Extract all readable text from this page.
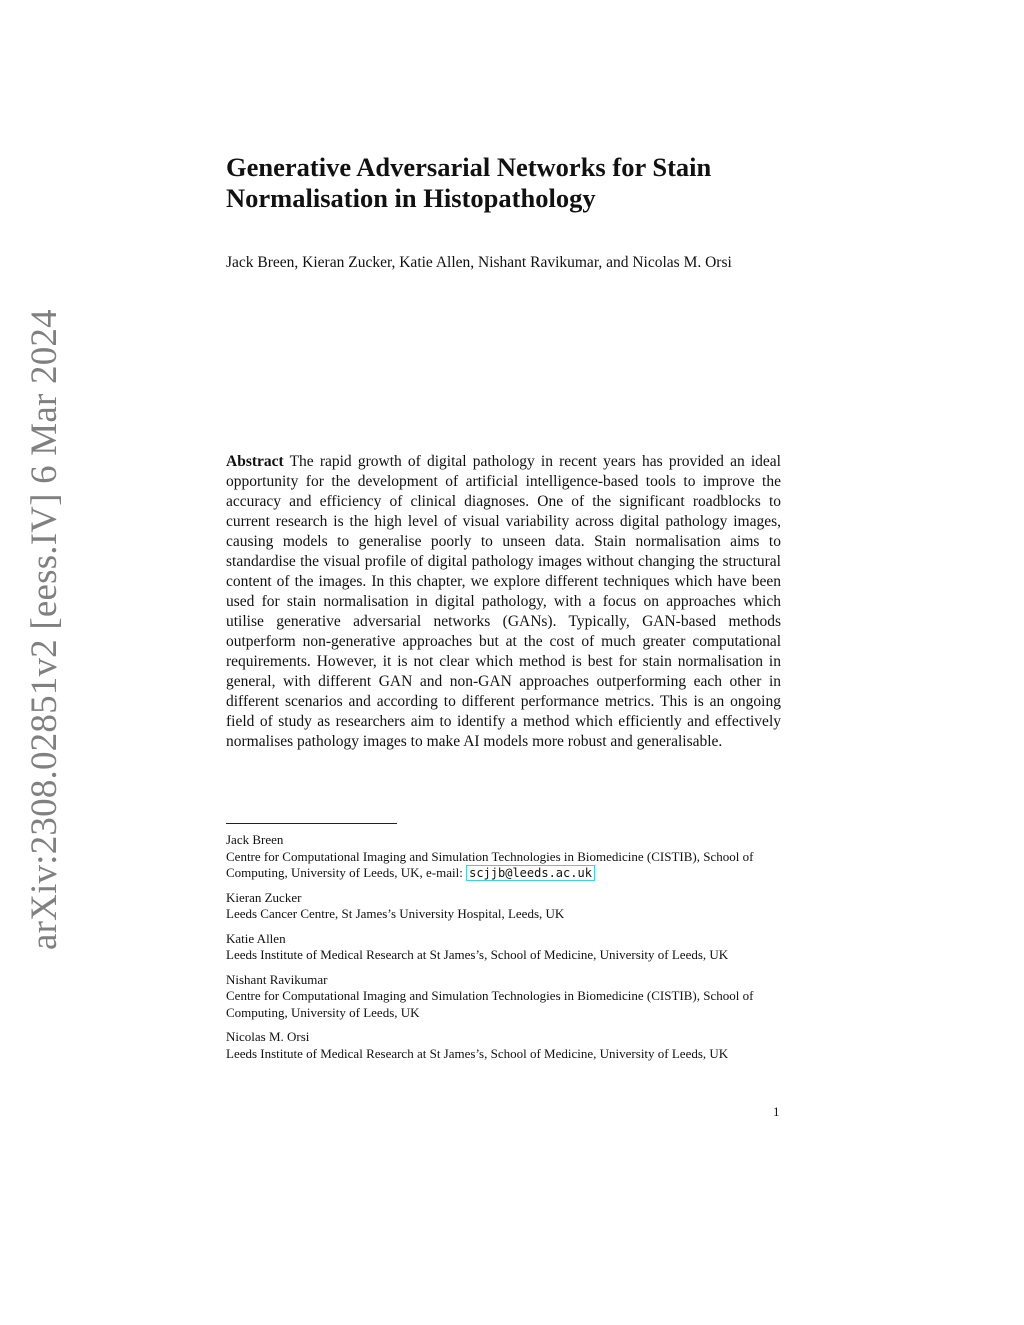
arXiv:2308.02851v2 [eess.IV] 6 Mar 2024
Generative Adversarial Networks for Stain
Normalisation in Histopathology
Jack Breen, Kieran Zucker, Katie Allen, Nishant Ravikumar, and Nicolas M. Orsi
Abstract The rapid growth of digital pathology in recent years has provided an ideal opportunity for the development of artificial intelligence-based tools to improve the accuracy and efficiency of clinical diagnoses. One of the significant roadblocks to current research is the high level of visual variability across digital pathology images, causing models to generalise poorly to unseen data. Stain normalisation aims to standardise the visual profile of digital pathology images without changing the structural content of the images. In this chapter, we explore different techniques which have been used for stain normalisation in digital pathology, with a focus on approaches which utilise generative adversarial networks (GANs). Typically, GAN-based methods outperform non-generative approaches but at the cost of much greater computational requirements. However, it is not clear which method is best for stain normalisation in general, with different GAN and non-GAN approaches outperforming each other in different scenarios and according to different performance metrics. This is an ongoing field of study as researchers aim to identify a method which efficiently and effectively normalises pathology images to make AI models more robust and generalisable.
Jack Breen
Centre for Computational Imaging and Simulation Technologies in Biomedicine (CISTIB), School of Computing, University of Leeds, UK, e-mail: scjjb@leeds.ac.uk
Kieran Zucker
Leeds Cancer Centre, St James’s University Hospital, Leeds, UK
Katie Allen
Leeds Institute of Medical Research at St James’s, School of Medicine, University of Leeds, UK
Nishant Ravikumar
Centre for Computational Imaging and Simulation Technologies in Biomedicine (CISTIB), School of Computing, University of Leeds, UK
Nicolas M. Orsi
Leeds Institute of Medical Research at St James’s, School of Medicine, University of Leeds, UK
1
